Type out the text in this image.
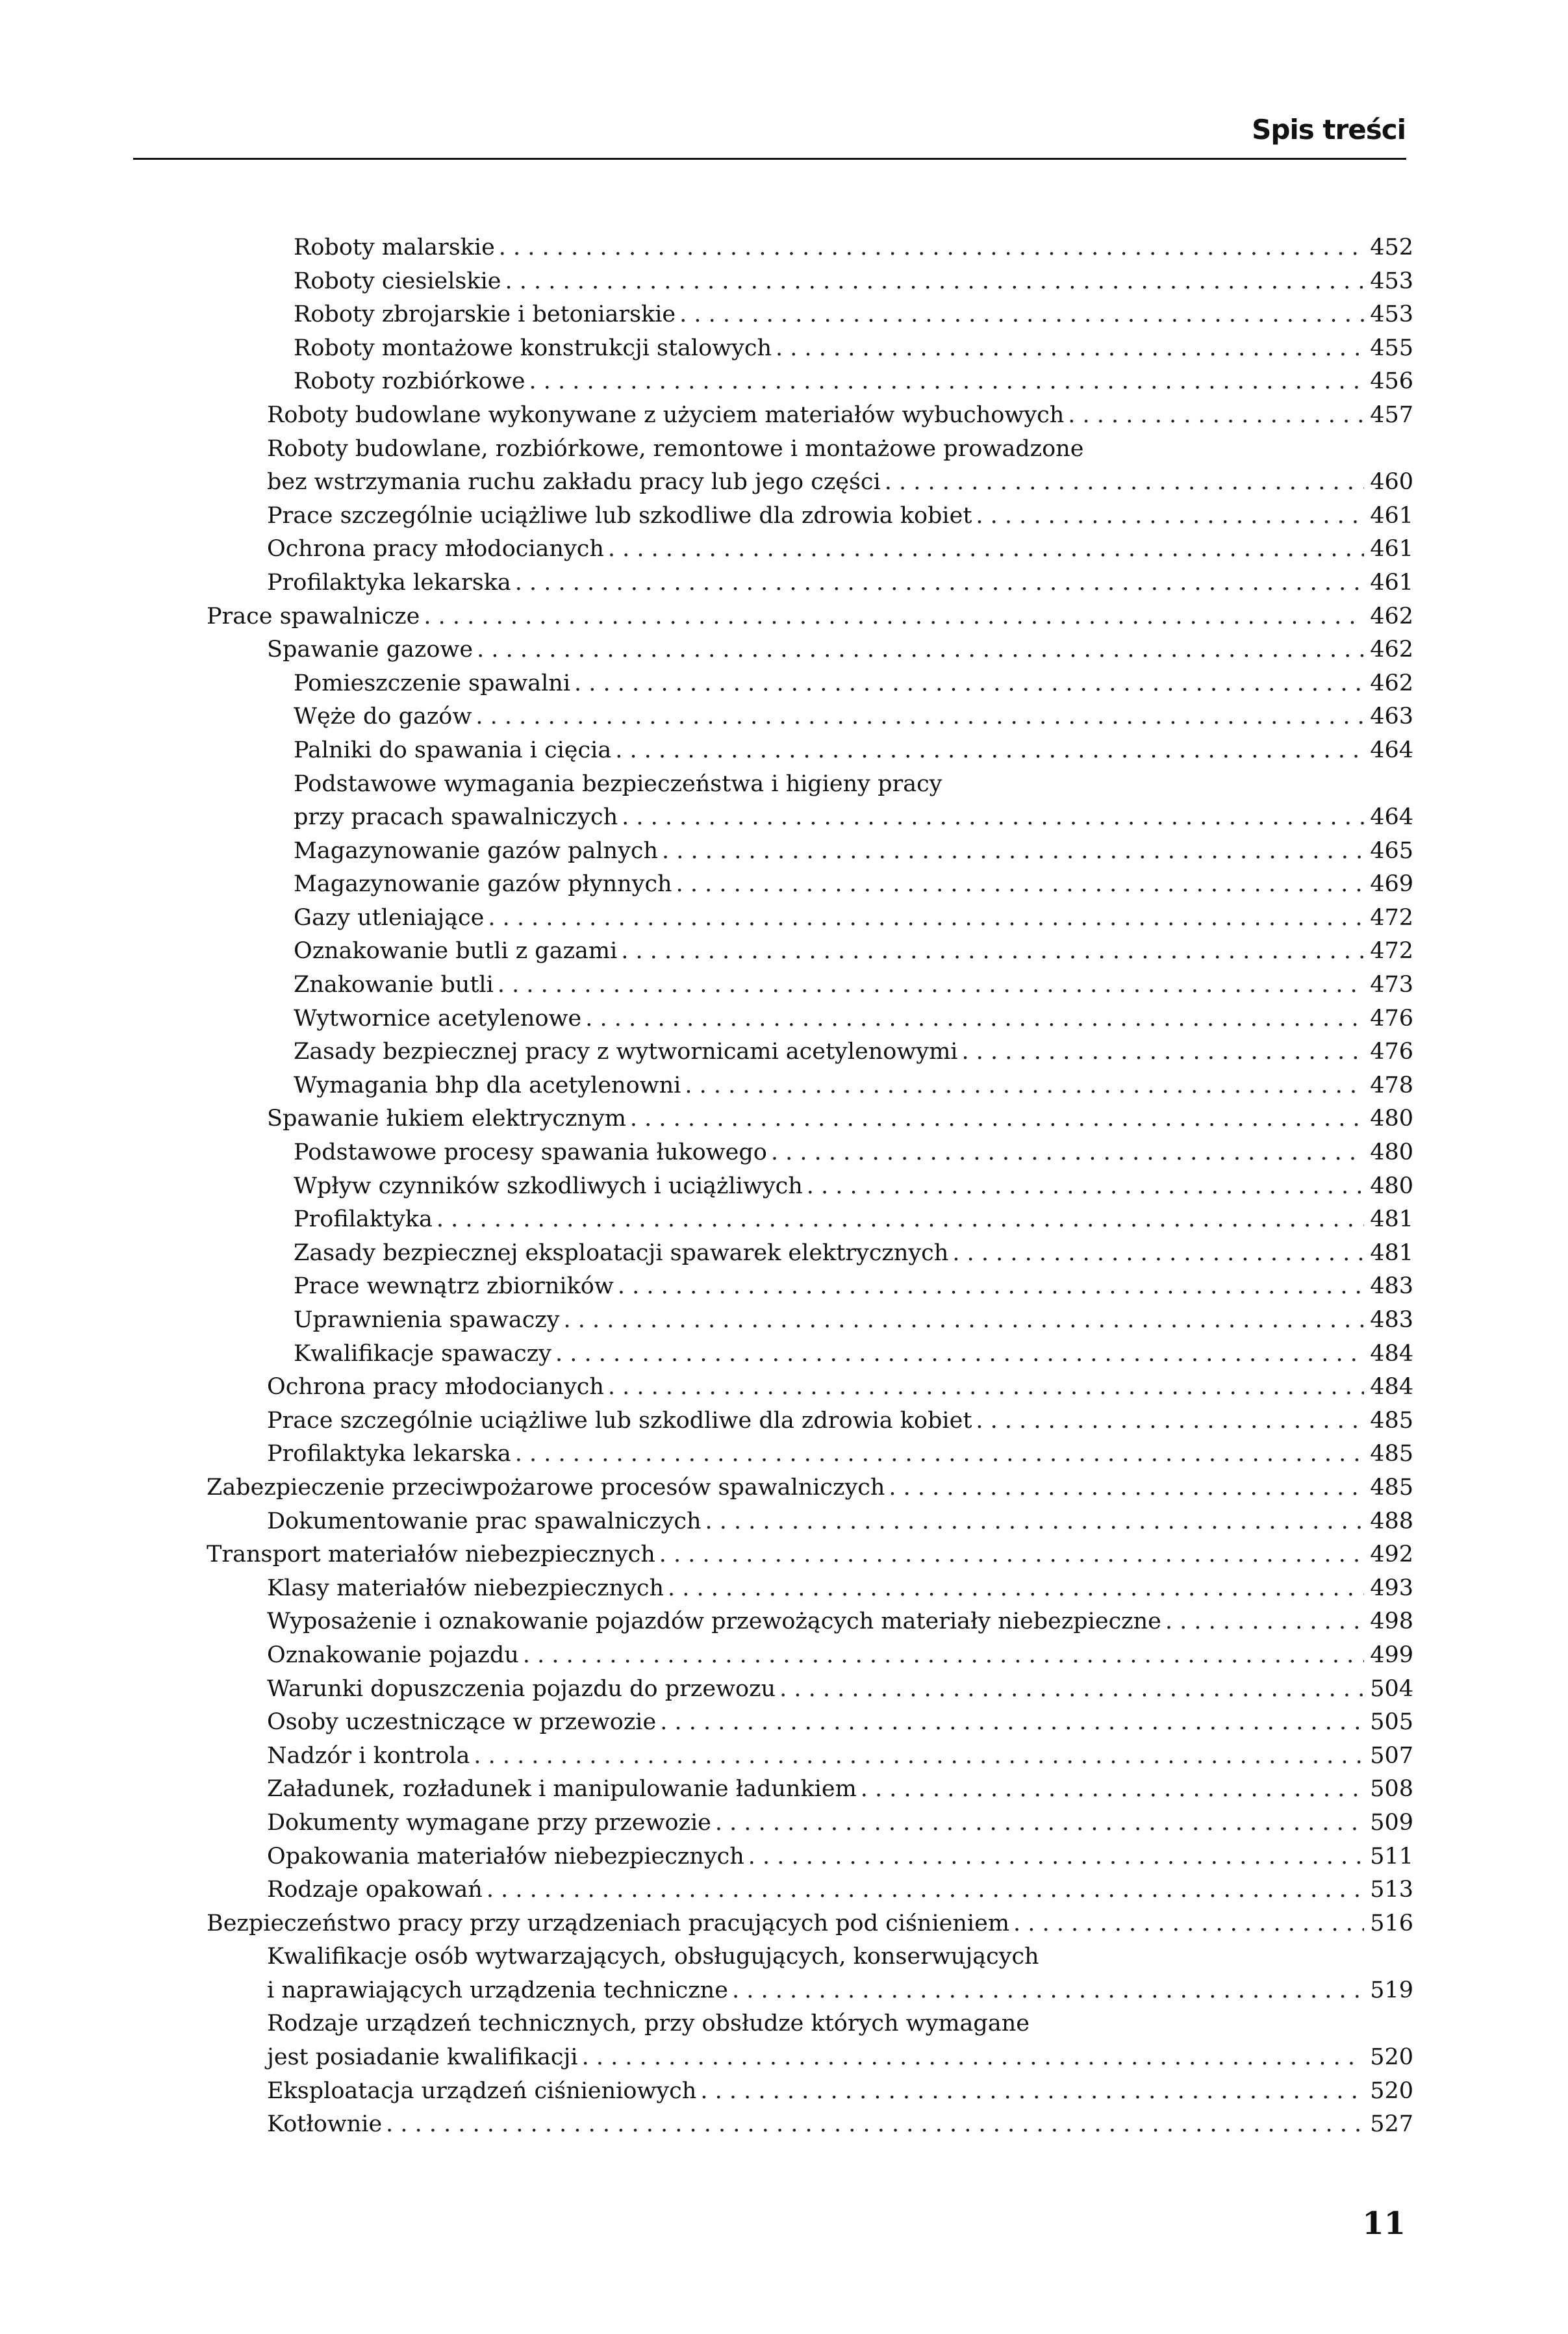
Spis treści
Roboty malarskie . . .	452
Roboty ciesielskie . . .	453
Roboty zbrojarskie i betoniarskie . . .	453
Roboty montażowe konstrukcji stalowych . . .	455
Roboty rozbiórkowe . . .	456
Roboty budowlane wykonywane z użyciem materiałów wybuchowych . . .	457
Roboty budowlane, rozbiórkowe, remontowe i montażowe prowadzone
bez wstrzymania ruchu zakładu pracy lub jego części . . .	460
Prace szczególnie uciążliwe lub szkodliwe dla zdrowia kobiet . . .	461
Ochrona pracy młodocianych . . .	461
Profilaktyka lekarska . . .	461
Prace spawalnicze . . .	462
Spawanie gazowe . . .	462
Pomieszczenie spawalni . . .	462
Węże do gazów . . .	463
Palniki do spawania i cięcia . . .	464
Podstawowe wymagania bezpieczeństwa i higieny pracy
przy pracach spawalniczych . . .	464
Magazynowanie gazów palnych . . .	465
Magazynowanie gazów płynnych . . .	469
Gazy utleniające . . .	472
Oznakowanie butli z gazami . . .	472
Znakowanie butli . . .	473
Wytwornice acetylenowe . . .	476
Zasady bezpiecznej pracy z wytwornicami acetylenowymi . . .	476
Wymagania bhp dla acetylenowni . . .	478
Spawanie łukiem elektrycznym . . .	480
Podstawowe procesy spawania łukowego . . .	480
Wpływ czynników szkodliwych i uciążliwych . . .	480
Profilaktyka . . .	481
Zasady bezpiecznej eksploatacji spawarek elektrycznych . . .	481
Prace wewnątrz zbiorników . . .	483
Uprawnienia spawaczy . . .	483
Kwalifikacje spawaczy . . .	484
Ochrona pracy młodocianych . . .	484
Prace szczególnie uciążliwe lub szkodliwe dla zdrowia kobiet . . .	485
Profilaktyka lekarska . . .	485
Zabezpieczenie przeciwpożarowe procesów spawalniczych . . .	485
Dokumentowanie prac spawalniczych . . .	488
Transport materiałów niebezpiecznych . . .	492
Klasy materiałów niebezpiecznych . . .	493
Wyposażenie i oznakowanie pojazdów przewożących materiały niebezpieczne . . .	498
Oznakowanie pojazdu . . .	499
Warunki dopuszczenia pojazdu do przewozu . . .	504
Osoby uczestniczące w przewozie . . .	505
Nadzór i kontrola . . .	507
Załadunek, rozładunek i manipulowanie ładunkiem . . .	508
Dokumenty wymagane przy przewozie . . .	509
Opakowania materiałów niebezpiecznych . . .	511
Rodzaje opakowań . . .	513
Bezpieczeństwo pracy przy urządzeniach pracujących pod ciśnieniem . . .	516
Kwalifikacje osób wytwarzających, obsługujących, konserwujących
i naprawiających urządzenia techniczne . . .	519
Rodzaje urządzeń technicznych, przy obsłudze których wymagane
jest posiadanie kwalifikacji . . .	520
Eksploatacja urządzeń ciśnieniowych . . .	520
Kotłownie . . .	527
11
